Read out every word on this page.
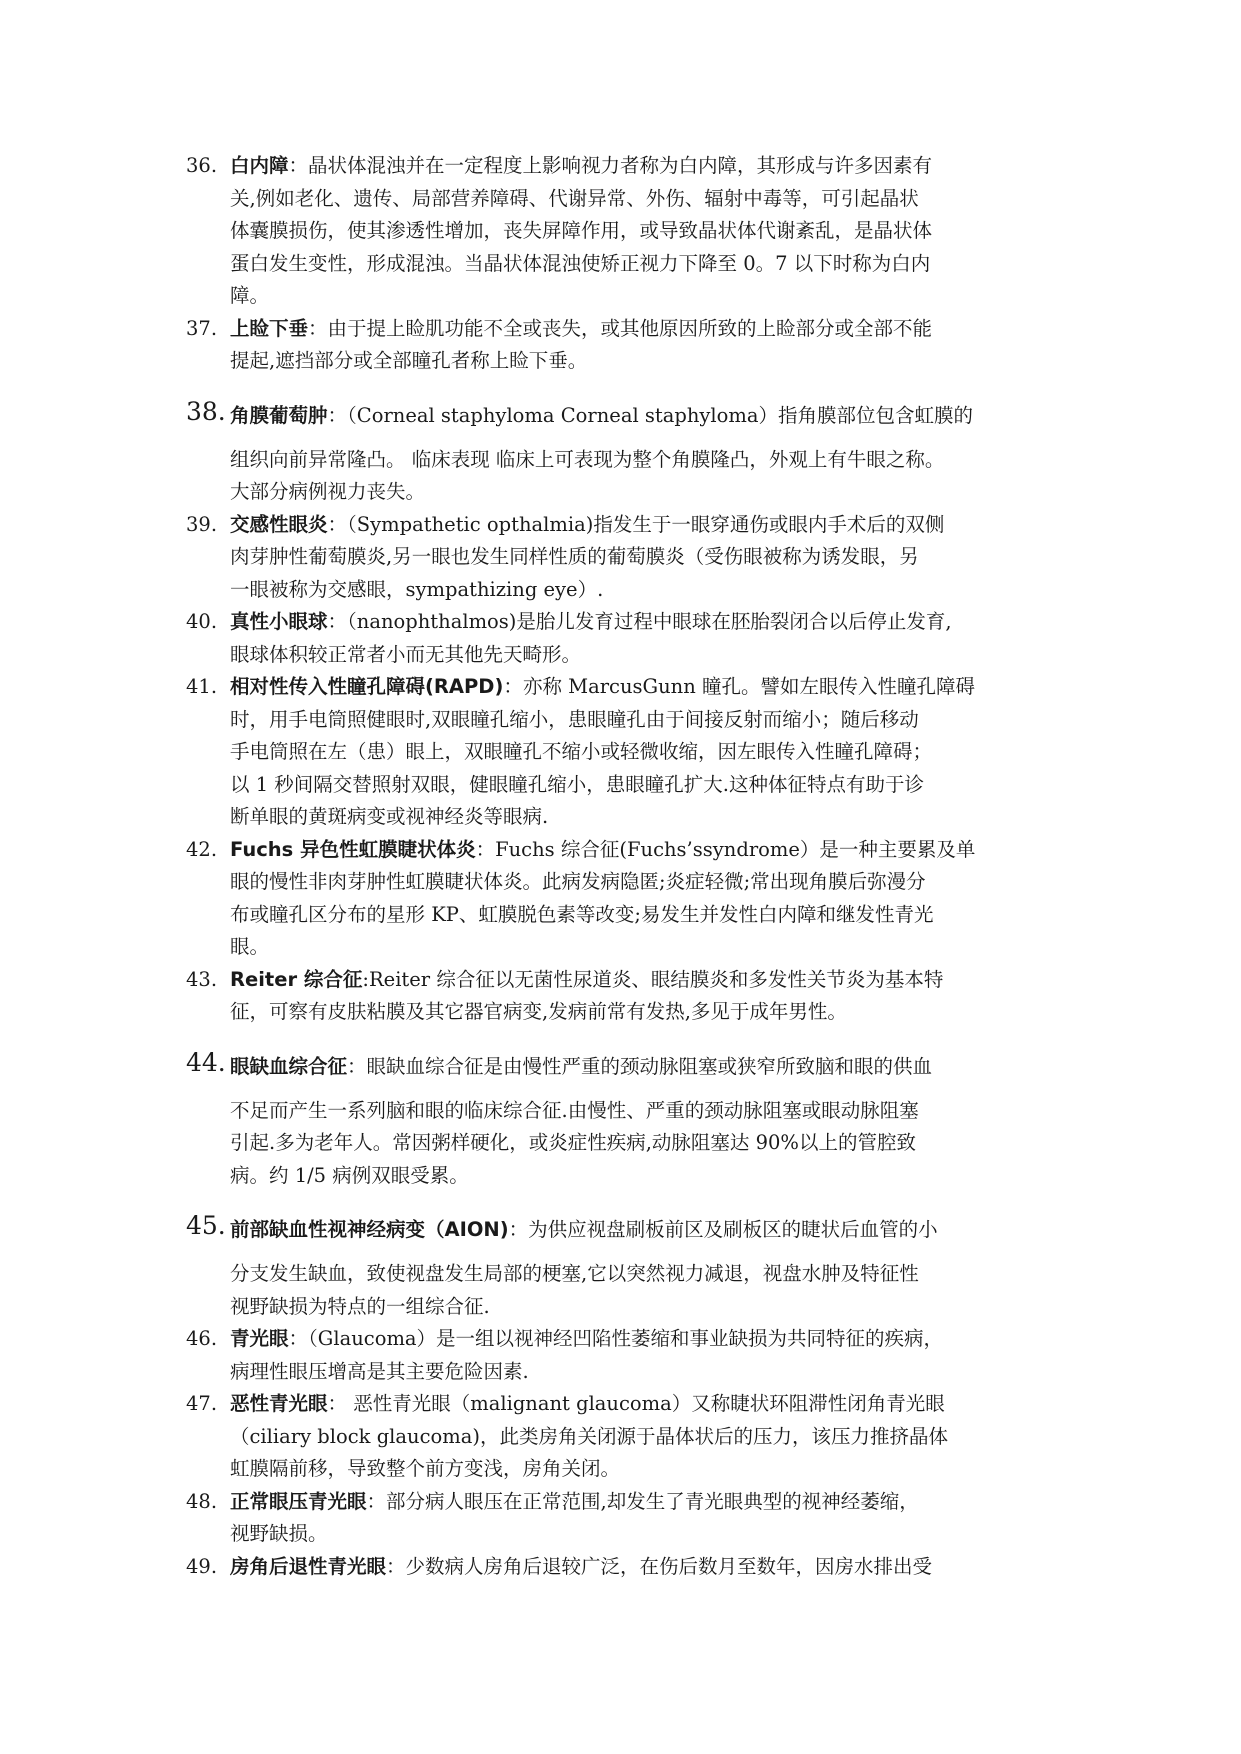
36. 白内障：晶状体混浊并在一定程度上影响视力者称为白内障，其形成与许多因素有
关,例如老化、遗传、局部营养障碍、代谢异常、外伤、辐射中毒等，可引起晶状
体囊膜损伤，使其渗透性增加，丧失屏障作用，或导致晶状体代谢紊乱，是晶状体
蛋白发生变性，形成混浊。当晶状体混浊使矫正视力下降至 0。7 以下时称为白内
障。
37. 上睑下垂：由于提上睑肌功能不全或丧失，或其他原因所致的上睑部分或全部不能
提起,遮挡部分或全部瞳孔者称上睑下垂。
38. 角膜葡萄肿：（Corneal staphyloma Corneal staphyloma）指角膜部位包含虹膜的
组织向前异常隆凸。 临床表现 临床上可表现为整个角膜隆凸，外观上有牛眼之称。
大部分病例视力丧失。
39. 交感性眼炎：（Sympathetic opthalmia)指发生于一眼穿通伤或眼内手术后的双侧
肉芽肿性葡萄膜炎,另一眼也发生同样性质的葡萄膜炎（受伤眼被称为诱发眼，另
一眼被称为交感眼，sympathizing eye）.
40. 真性小眼球：（nanophthalmos)是胎儿发育过程中眼球在胚胎裂闭合以后停止发育,
眼球体积较正常者小而无其他先天畸形。
41. 相对性传入性瞳孔障碍(RAPD)：亦称 MarcusGunn 瞳孔。譬如左眼传入性瞳孔障碍
时，用手电筒照健眼时,双眼瞳孔缩小，患眼瞳孔由于间接反射而缩小；随后移动
手电筒照在左（患）眼上，双眼瞳孔不缩小或轻微收缩，因左眼传入性瞳孔障碍；
以 1 秒间隔交替照射双眼，健眼瞳孔缩小，患眼瞳孔扩大.这种体征特点有助于诊
断单眼的黄斑病变或视神经炎等眼病.
42. Fuchs 异色性虹膜睫状体炎：Fuchs 综合征(Fuchs’ssyndrome）是一种主要累及单
眼的慢性非肉芽肿性虹膜睫状体炎。此病发病隐匿;炎症轻微;常出现角膜后弥漫分
布或瞳孔区分布的星形 KP、虹膜脱色素等改变;易发生并发性白内障和继发性青光
眼。
43. Reiter 综合征:Reiter 综合征以无菌性尿道炎、眼结膜炎和多发性关节炎为基本特
征，可察有皮肤粘膜及其它器官病变,发病前常有发热,多见于成年男性。
44. 眼缺血综合征：眼缺血综合征是由慢性严重的颈动脉阻塞或狭窄所致脑和眼的供血
不足而产生一系列脑和眼的临床综合征.由慢性、严重的颈动脉阻塞或眼动脉阻塞
引起.多为老年人。常因粥样硬化，或炎症性疾病,动脉阻塞达 90%以上的管腔致
病。约 1/5 病例双眼受累。
45. 前部缺血性视神经病变（AION)：为供应视盘刷板前区及刷板区的睫状后血管的小
分支发生缺血，致使视盘发生局部的梗塞,它以突然视力减退，视盘水肿及特征性
视野缺损为特点的一组综合征.
46. 青光眼：（Glaucoma）是一组以视神经凹陷性萎缩和事业缺损为共同特征的疾病，
病理性眼压增高是其主要危险因素.
47. 恶性青光眼： 恶性青光眼（malignant glaucoma）又称睫状环阻滞性闭角青光眼
（ciliary block glaucoma)，此类房角关闭源于晶体状后的压力，该压力推挤晶体
虹膜隔前移，导致整个前方变浅，房角关闭。
48. 正常眼压青光眼：部分病人眼压在正常范围,却发生了青光眼典型的视神经萎缩，
视野缺损。
49. 房角后退性青光眼：少数病人房角后退较广泛，在伤后数月至数年，因房水排出受
